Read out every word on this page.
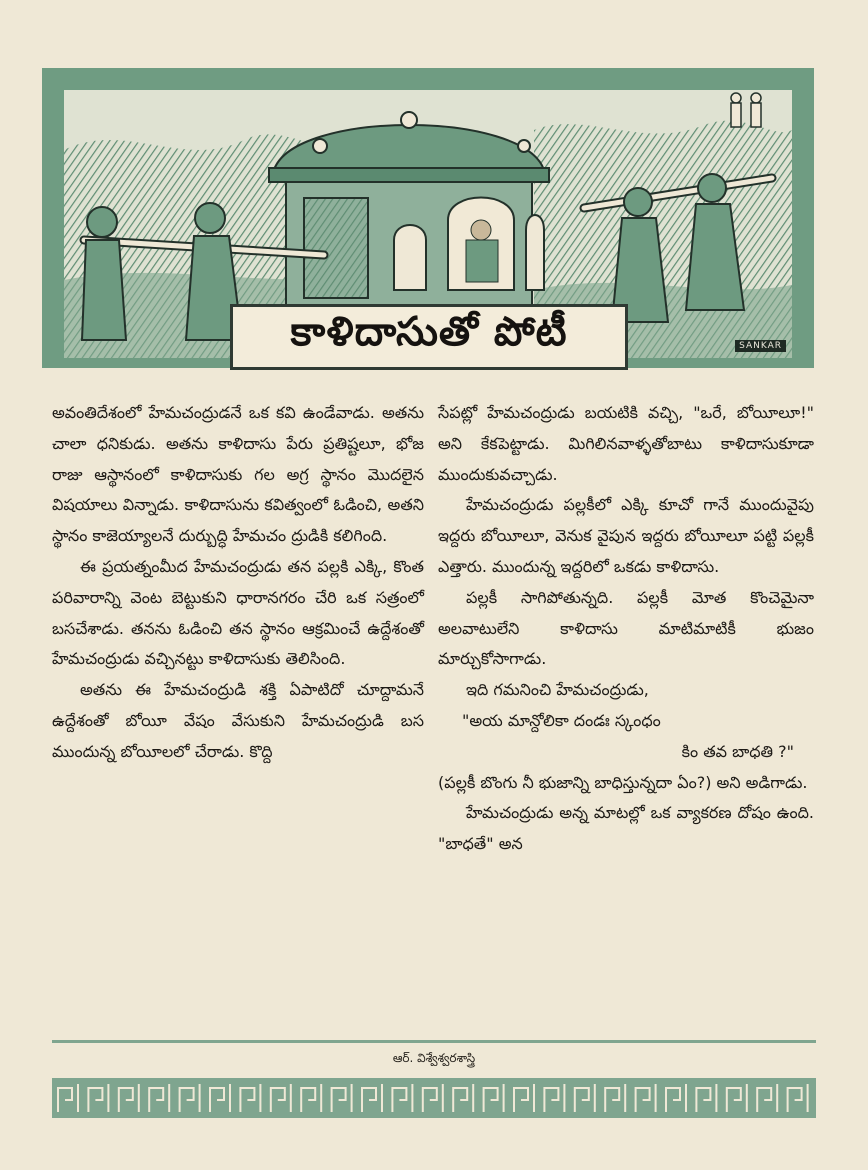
SANKAR
కాళిదాసుతో పోటీ

అవంతిదేశంలో హేమచంద్రుడనే ఒక కవి ఉండేవాడు. అతను చాలా ధనికుడు. అతను కాళిదాసు పేరు ప్రతిష్టలూ, భోజ రాజు ఆస్థానంలో కాళిదాసుకు గల అగ్ర స్థానం మొదలైన విషయాలు విన్నాడు. కాళిదాసును కవిత్వంలో ఓడించి, అతని స్థానం కాజెయ్యాలనే దుర్బుద్ధి హేమచం ద్రుడికి కలిగింది.

ఈ ప్రయత్నంమీద హేమచంద్రుడు తన పల్లకి ఎక్కి, కొంత పరివారాన్ని వెంట బెట్టుకుని ధారానగరం చేరి ఒక సత్రంలో బసచేశాడు. తనను ఓడించి తన స్థానం ఆక్రమించే ఉద్దేశంతో హేమచంద్రుడు వచ్చినట్టు కాళిదాసుకు తెలిసింది.

అతను ఈ హేమచంద్రుడి శక్తి ఏపాటిదో చూద్దామనే ఉద్దేశంతో బోయీ వేషం వేసుకుని హేమచంద్రుడి బస ముందున్న బోయీలలో చేరాడు. కొద్ది

సేపట్లో హేమచంద్రుడు బయటికి వచ్చి, "ఒరే, బోయీలూ!" అని కేకపెట్టాడు. మిగిలినవాళ్ళతోబాటు కాళిదాసుకూడా ముందుకువచ్చాడు.

హేమచంద్రుడు పల్లకీలో ఎక్కి కూచో గానే ముందువైపు ఇద్దరు బోయీలూ, వెనుక వైపున ఇద్దరు బోయీలూ పట్టి పల్లకీ ఎత్తారు. ముందున్న ఇద్దరిలో ఒకడు కాళిదాసు.

పల్లకీ సాగిపోతున్నది. పల్లకీ మోత కొంచెమైనా అలవాటులేని కాళిదాసు మాటిమాటికీ భుజం మార్చుకోసాగాడు.

ఇది గమనించి హేమచంద్రుడు,

"అయ మాన్దోలికా దండః స్కంధం

కిం తవ బాధతి ?"

(పల్లకీ బొంగు నీ భుజాన్ని బాధిస్తున్నదా ఏం?) అని అడిగాడు.

హేమచంద్రుడు అన్న మాటల్లో ఒక వ్యాకరణ దోషం ఉంది. "బాధతే" అన

ఆర్. విశ్వేశ్వరశాస్త్రి
